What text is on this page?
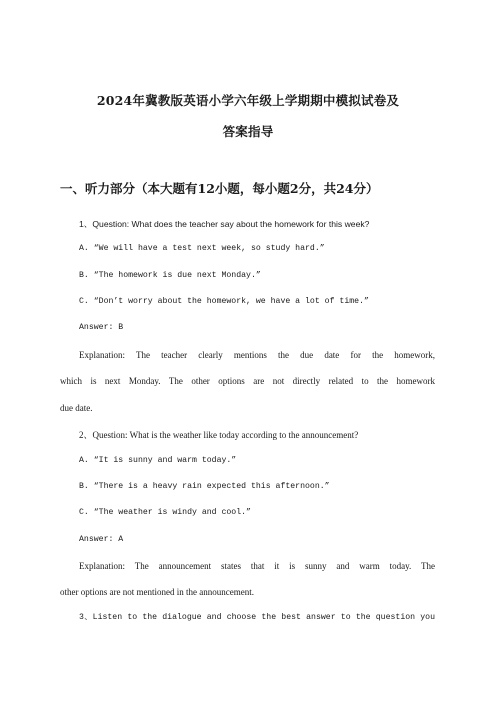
2024年冀教版英语小学六年级上学期期中模拟试卷及
答案指导
一、听力部分（本大题有12小题，每小题2分，共24分）

1、Question: What does the teacher say about the homework for this week?

A. “We will have a test next week, so study hard.”

B. “The homework is due next Monday.”

C. “Don’t worry about the homework, we have a lot of time.”

Answer: B

Explanation: The teacher clearly mentions the due date for the homework,

which is next Monday. The other options are not directly related to the homework

due date.

2、Question: What is the weather like today according to the announcement?

A. “It is sunny and warm today.”

B. “There is a heavy rain expected this afternoon.”

C. “The weather is windy and cool.”

Answer: A

Explanation: The announcement states that it is sunny and warm today. The

other options are not mentioned in the announcement.

3、Listen to the dialogue and choose the best answer to the question you
